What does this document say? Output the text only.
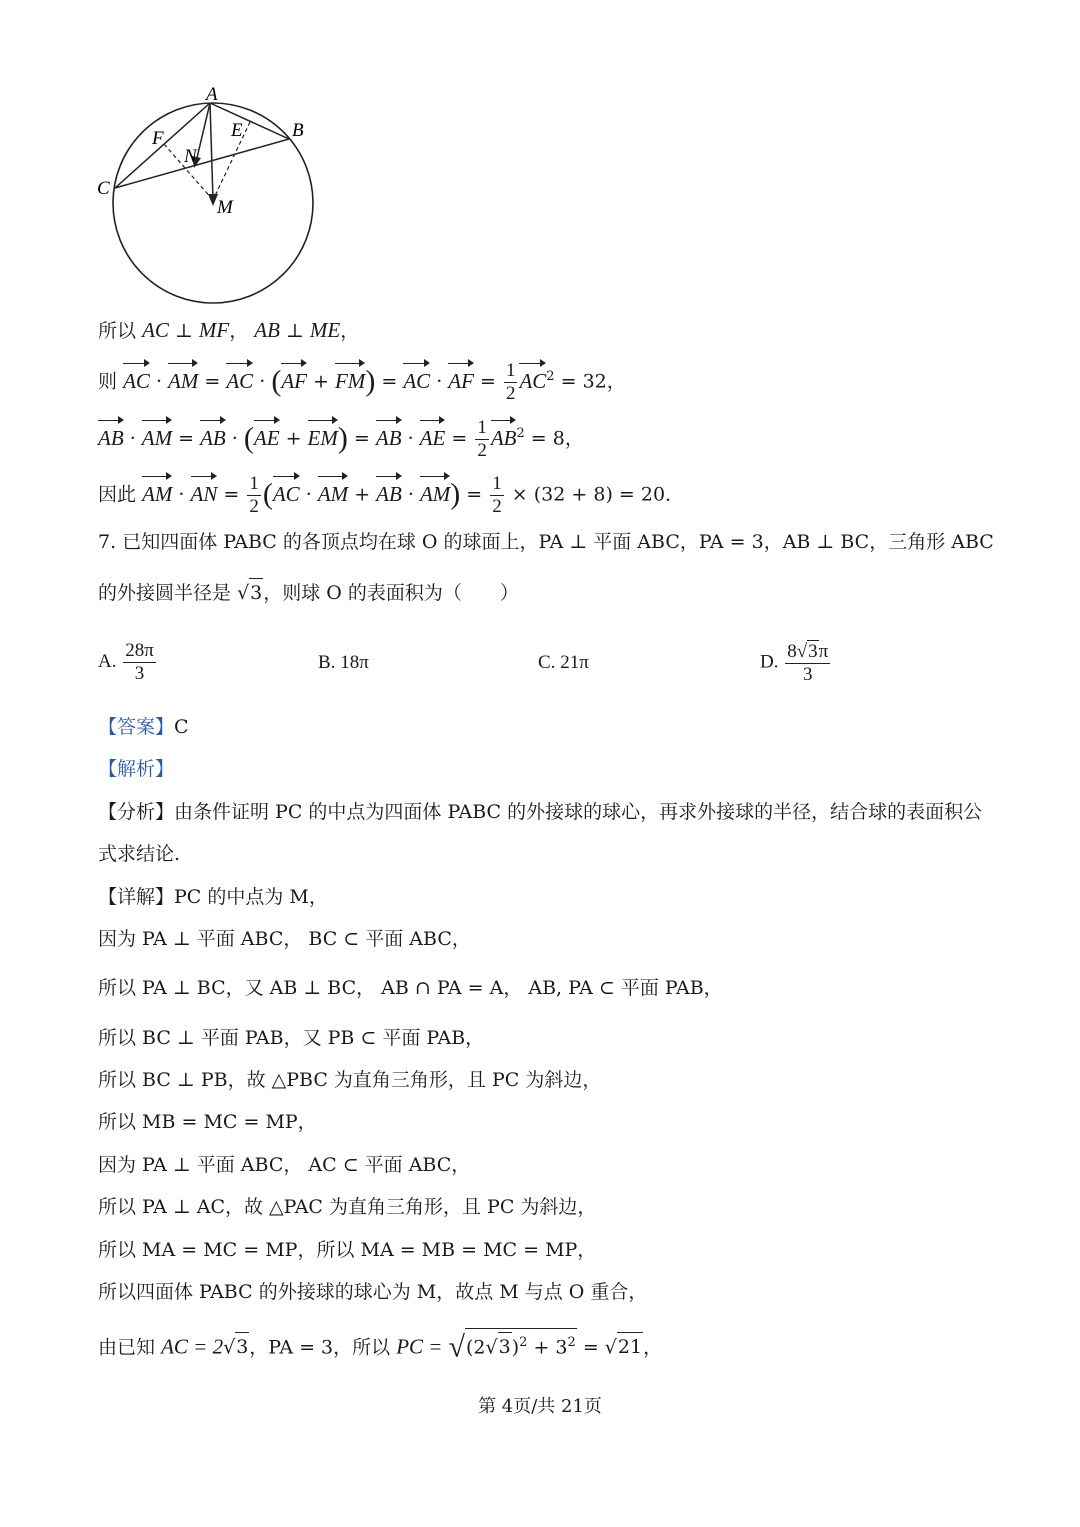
A
B
C
E
F
N
M
所以 AC ⊥ MF， AB ⊥ ME，
则 AC · AM = AC · (AF + FM) = AC · AF = $\frac{1}{2} AC^2 = 32$，
AB · AM = AB · (AE + EM) = AB · AE = $\frac{1}{2} AB^2 = 8$，
因此 AM · AN = $\frac{1}{2} (AC$ · AM + AB · $AM) = \frac{1}{2} \times (32 + 8) = 20$．
7. 已知四面体 PABC 的各顶点均在球 O 的球面上，PA ⊥ 平面 ABC，PA = 3，AB ⊥ BC，三角形 ABC
的外接圆半径是 √3，则球 O 的表面积为（　　）
A. $\frac{28\pi}{3}$	B. 18π	C. 21π	D. $\frac{8√3\pi}{3}$
【答案】C
【解析】
【分析】由条件证明 PC 的中点为四面体 PABC 的外接球的球心，再求外接球的半径，结合球的表面积公
式求结论.
【详解】PC 的中点为 M，
因为 PA ⊥ 平面 ABC， BC ⊂ 平面 ABC，
所以 PA ⊥ BC，又 AB ⊥ BC， AB ∩ PA = A， AB, PA ⊂ 平面 PAB，
所以 BC ⊥ 平面 PAB，又 PB ⊂ 平面 PAB，
所以 BC ⊥ PB，故 △PBC 为直角三角形，且 PC 为斜边，
所以 MB = MC = MP，
因为 PA ⊥ 平面 ABC， AC ⊂ 平面 ABC，
所以 PA ⊥ AC，故 △PAC 为直角三角形，且 PC 为斜边，
所以 MA = MC = MP，所以 MA = MB = MC = MP，
所以四面体 PABC 的外接球的球心为 M，故点 M 与点 O 重合，
由已知 AC = 2√3，PA = 3，所以 PC = $√(2√3)^2 + 3^2 = √21$，
第 4页/共 21页
